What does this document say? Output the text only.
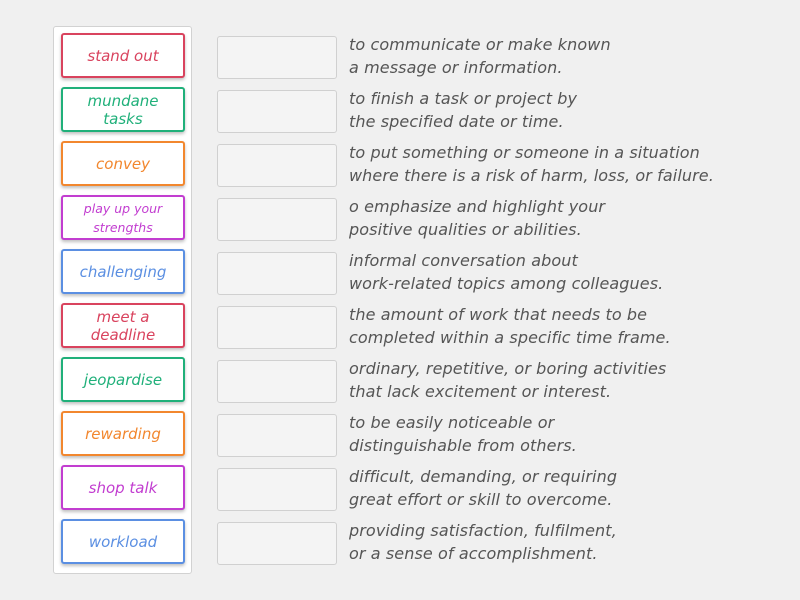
stand out
mundane tasks
convey
play up your strengths
challenging
meet a deadline
jeopardise
rewarding
shop talk
workload
to communicate or make known
a message or information.
to finish a task or project by
the specified date or time.
to put something or someone in a situation
where there is a risk of harm, loss, or failure.
o emphasize and highlight your
positive qualities or abilities.
informal conversation about
work-related topics among colleagues.
the amount of work that needs to be
completed within a specific time frame.
ordinary, repetitive, or boring activities
that lack excitement or interest.
to be easily noticeable or
distinguishable from others.
difficult, demanding, or requiring
great effort or skill to overcome.
providing satisfaction, fulfilment,
or a sense of accomplishment.
